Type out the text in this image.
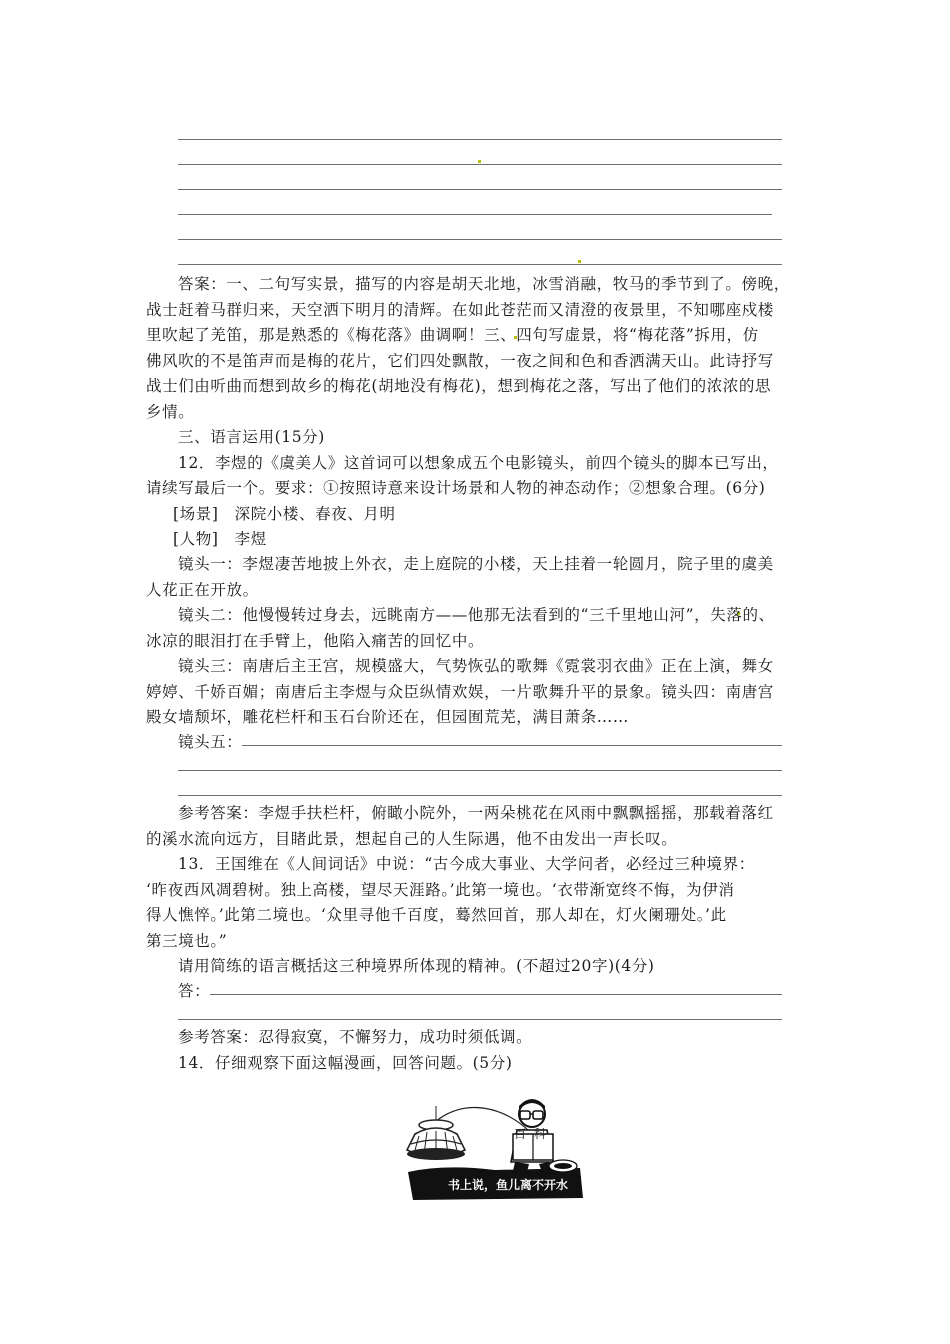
答案：一、二句写实景，描写的内容是胡天北地，冰雪消融，牧马的季节到了。傍晚，
战士赶着马群归来，天空洒下明月的清辉。在如此苍茫而又清澄的夜景里，不知哪座戍楼
里吹起了羌笛，那是熟悉的《梅花落》曲调啊！三、四句写虚景，将“梅花落”拆用，仿
佛风吹的不是笛声而是梅的花片，它们四处飘散，一夜之间和色和香洒满天山。此诗抒写
战士们由听曲而想到故乡的梅花(胡地没有梅花)，想到梅花之落，写出了他们的浓浓的思
乡情。
三、语言运用(15分)
12．李煜的《虞美人》这首词可以想象成五个电影镜头，前四个镜头的脚本已写出，
请续写最后一个。要求：①按照诗意来设计场景和人物的神态动作；②想象合理。(6分)
[场景]　深院小楼、春夜、月明
[人物]　李煜
镜头一：李煜凄苦地披上外衣，走上庭院的小楼，天上挂着一轮圆月，院子里的虞美
人花正在开放。
镜头二：他慢慢转过身去，远眺南方——他那无法看到的“三千里地山河”，失落的、
冰凉的眼泪打在手臂上，他陷入痛苦的回忆中。
镜头三：南唐后主王宫，规模盛大，气势恢弘的歌舞《霓裳羽衣曲》正在上演，舞女
婷婷、千娇百媚；南唐后主李煜与众臣纵情欢娱，一片歌舞升平的景象。镜头四：南唐宫
殿女墙颓坏，雕花栏杆和玉石台阶还在，但园囿荒芜，满目萧条……
镜头五：
参考答案：李煜手扶栏杆，俯瞰小院外，一两朵桃花在风雨中飘飘摇摇，那载着落红
的溪水流向远方，目睹此景，想起自己的人生际遇，他不由发出一声长叹。
13．王国维在《人间词话》中说：“古今成大事业、大学问者，必经过三种境界：
‘昨夜西风凋碧树。独上高楼，望尽天涯路。’此第一境也。‘衣带渐宽终不悔，为伊消
得人憔悴。’此第二境也。‘众里寻他千百度，蓦然回首，那人却在，灯火阑珊处。’此
第三境也。”
请用简练的语言概括这三种境界所体现的精神。(不超过20字)(4分)
答：
参考答案：忍得寂寞，不懈努力，成功时须低调。
14．仔细观察下面这幅漫画，回答问题。(5分)
百 科
书上说，鱼儿离不开水
